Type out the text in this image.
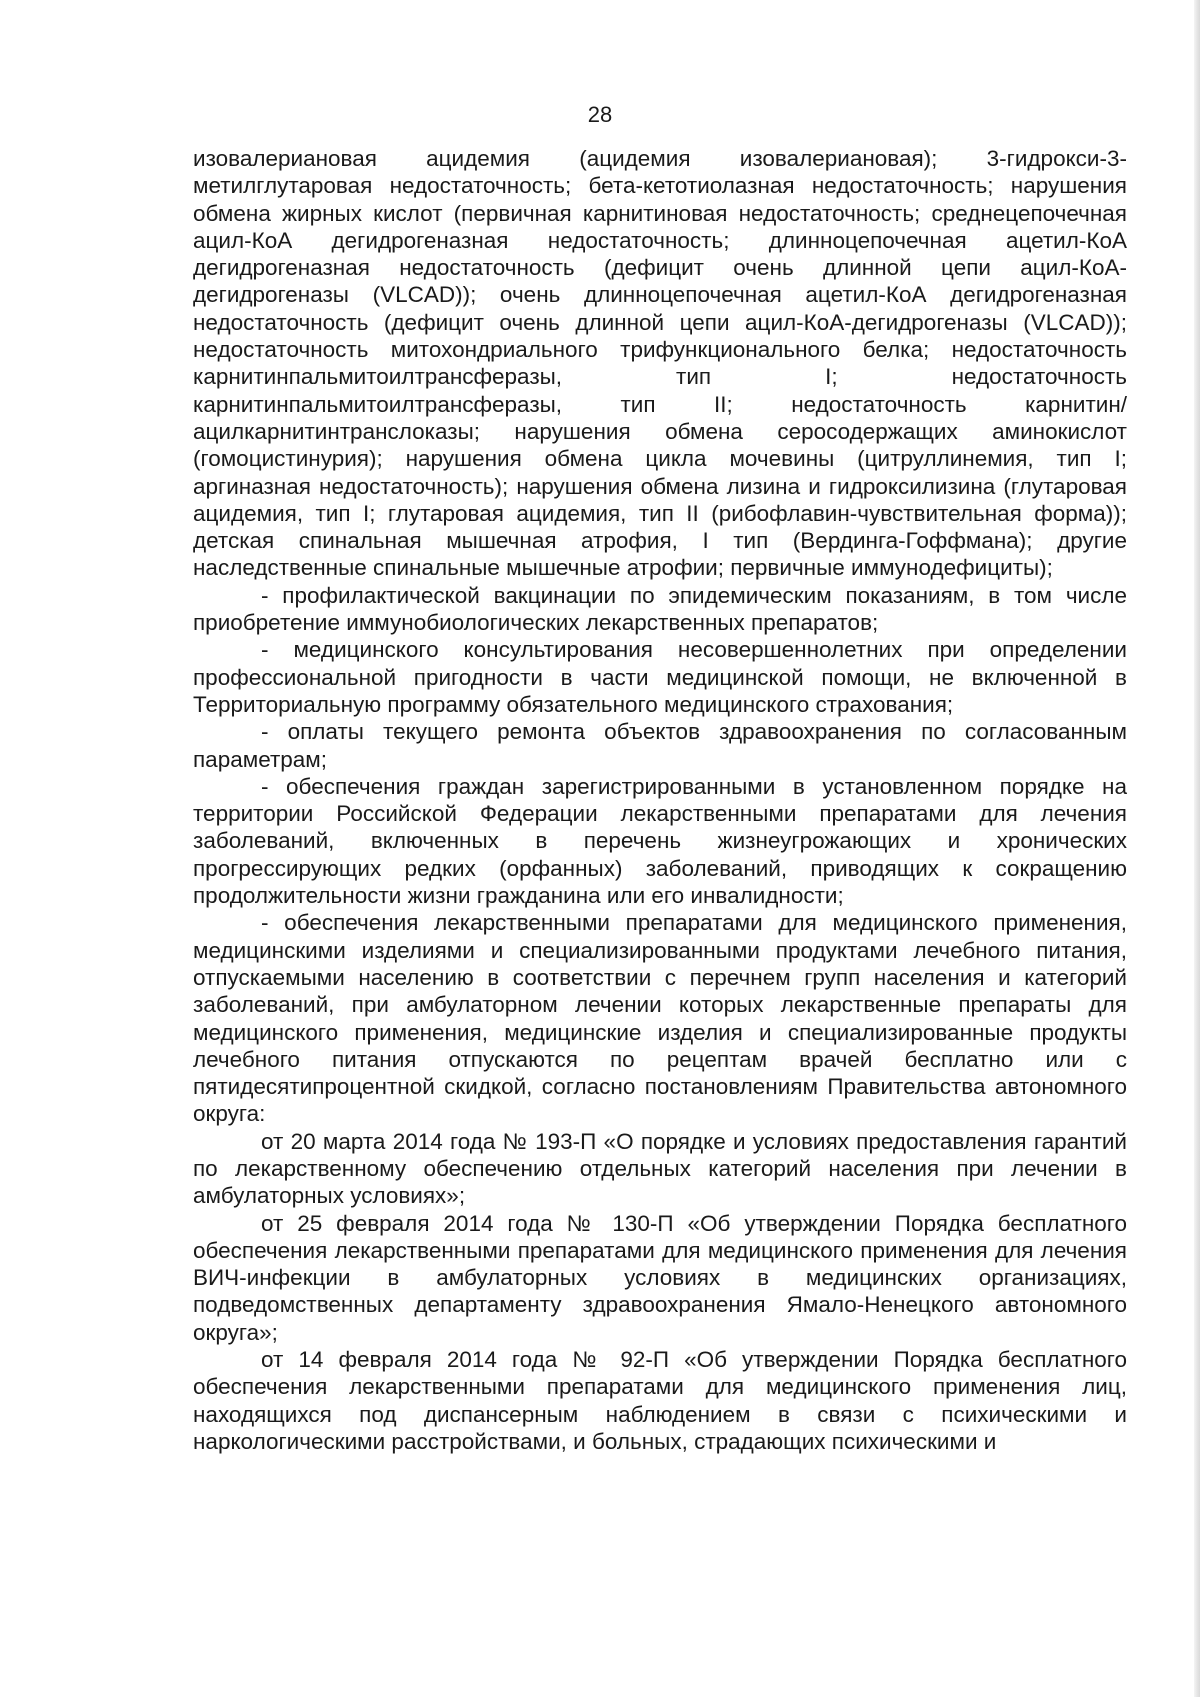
28

изовалериановая ацидемия (ацидемия изовалериановая); 3-гидрокси-3-метилглутаровая недостаточность; бета-кетотиолазная недостаточность; нарушения обмена жирных кислот (первичная карнитиновая недостаточность; среднецепочечная ацил-КоА дегидрогеназная недостаточность; длинноцепочечная ацетил-КоА дегидрогеназная недостаточность (дефицит очень длинной цепи ацил-КоА-дегидрогеназы (VLCAD)); очень длинноцепочечная ацетил-КоА дегидрогеназная недостаточность (дефицит очень длинной цепи ацил-КоА-дегидрогеназы (VLCAD)); недостаточность митохондриального трифункционального белка; недостаточность карнитинпальмитоилтрансферазы, тип I; недостаточность карнитинпальмитоилтрансферазы, тип II; недостаточность карнитин/ацилкарнитинтранслоказы; нарушения обмена серосодержащих аминокислот (гомоцистинурия); нарушения обмена цикла мочевины (цитруллинемия, тип I; аргиназная недостаточность); нарушения обмена лизина и гидроксилизина (глутаровая ацидемия, тип I; глутаровая ацидемия, тип II (рибофлавин-чувствительная форма)); детская спинальная мышечная атрофия, I тип (Вердинга-Гоффмана); другие наследственные спинальные мышечные атрофии; первичные иммунодефициты);

- профилактической вакцинации по эпидемическим показаниям, в том числе приобретение иммунобиологических лекарственных препаратов;

- медицинского консультирования несовершеннолетних при определении профессиональной пригодности в части медицинской помощи, не включенной в Территориальную программу обязательного медицинского страхования;

- оплаты текущего ремонта объектов здравоохранения по согласованным параметрам;

- обеспечения граждан зарегистрированными в установленном порядке на территории Российской Федерации лекарственными препаратами для лечения заболеваний, включенных в перечень жизнеугрожающих и хронических прогрессирующих редких (орфанных) заболеваний, приводящих к сокращению продолжительности жизни гражданина или его инвалидности;

- обеспечения лекарственными препаратами для медицинского применения, медицинскими изделиями и специализированными продуктами лечебного питания, отпускаемыми населению в соответствии с перечнем групп населения и категорий заболеваний, при амбулаторном лечении которых лекарственные препараты для медицинского применения, медицинские изделия и специализированные продукты лечебного питания отпускаются по рецептам врачей бесплатно или с пятидесятипроцентной скидкой, согласно постановлениям Правительства автономного округа:

от 20 марта 2014 года № 193-П «О порядке и условиях предоставления гарантий по лекарственному обеспечению отдельных категорий населения при лечении в амбулаторных условиях»;

от 25 февраля 2014 года № 130-П «Об утверждении Порядка бесплатного обеспечения лекарственными препаратами для медицинского применения для лечения ВИЧ-инфекции в амбулаторных условиях в медицинских организациях, подведомственных департаменту здравоохранения Ямало-Ненецкого автономного округа»;

от 14 февраля 2014 года № 92-П «Об утверждении Порядка бесплатного обеспечения лекарственными препаратами для медицинского применения лиц, находящихся под диспансерным наблюдением в связи с психическими и наркологическими расстройствами, и больных, страдающих психическими и
